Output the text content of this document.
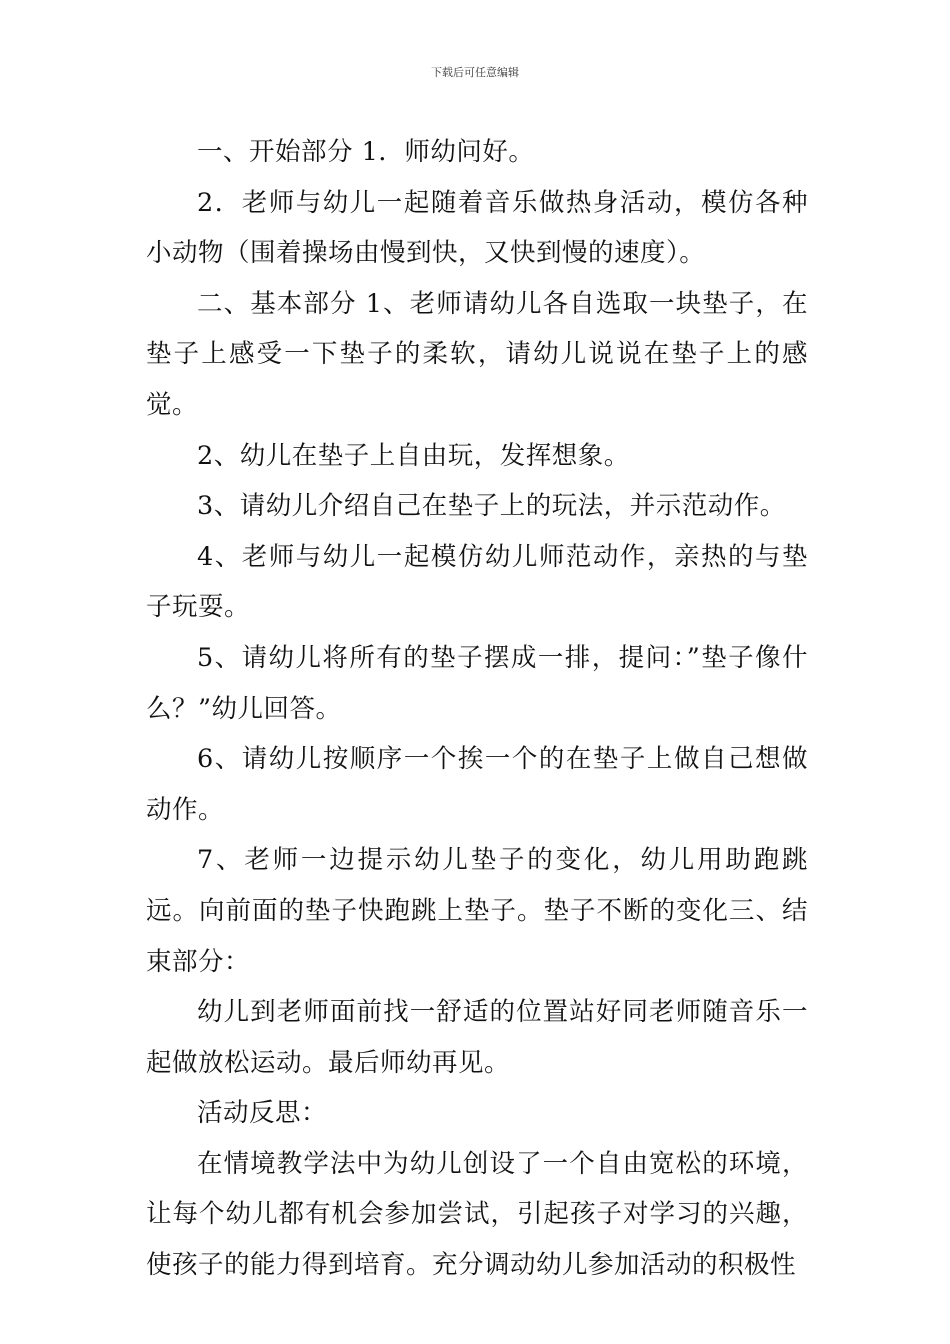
下载后可任意编辑

一、开始部分 1．师幼问好。

2．老师与幼儿一起随着音乐做热身活动，模仿各种小动物（围着操场由慢到快，又快到慢的速度）。

二、基本部分 1、老师请幼儿各自选取一块垫子，在垫子上感受一下垫子的柔软，请幼儿说说在垫子上的感觉。

2、幼儿在垫子上自由玩，发挥想象。

3、请幼儿介绍自己在垫子上的玩法，并示范动作。

4、老师与幼儿一起模仿幼儿师范动作，亲热的与垫子玩耍。

5、请幼儿将所有的垫子摆成一排，提问：”垫子像什么？”幼儿回答。

6、请幼儿按顺序一个挨一个的在垫子上做自己想做动作。

7、老师一边提示幼儿垫子的变化，幼儿用助跑跳远。向前面的垫子快跑跳上垫子。垫子不断的变化三、结束部分：

幼儿到老师面前找一舒适的位置站好同老师随音乐一起做放松运动。最后师幼再见。

活动反思：

在情境教学法中为幼儿创设了一个自由宽松的环境，让每个幼儿都有机会参加尝试，引起孩子对学习的兴趣，使孩子的能力得到培育。充分调动幼儿参加活动的积极性
